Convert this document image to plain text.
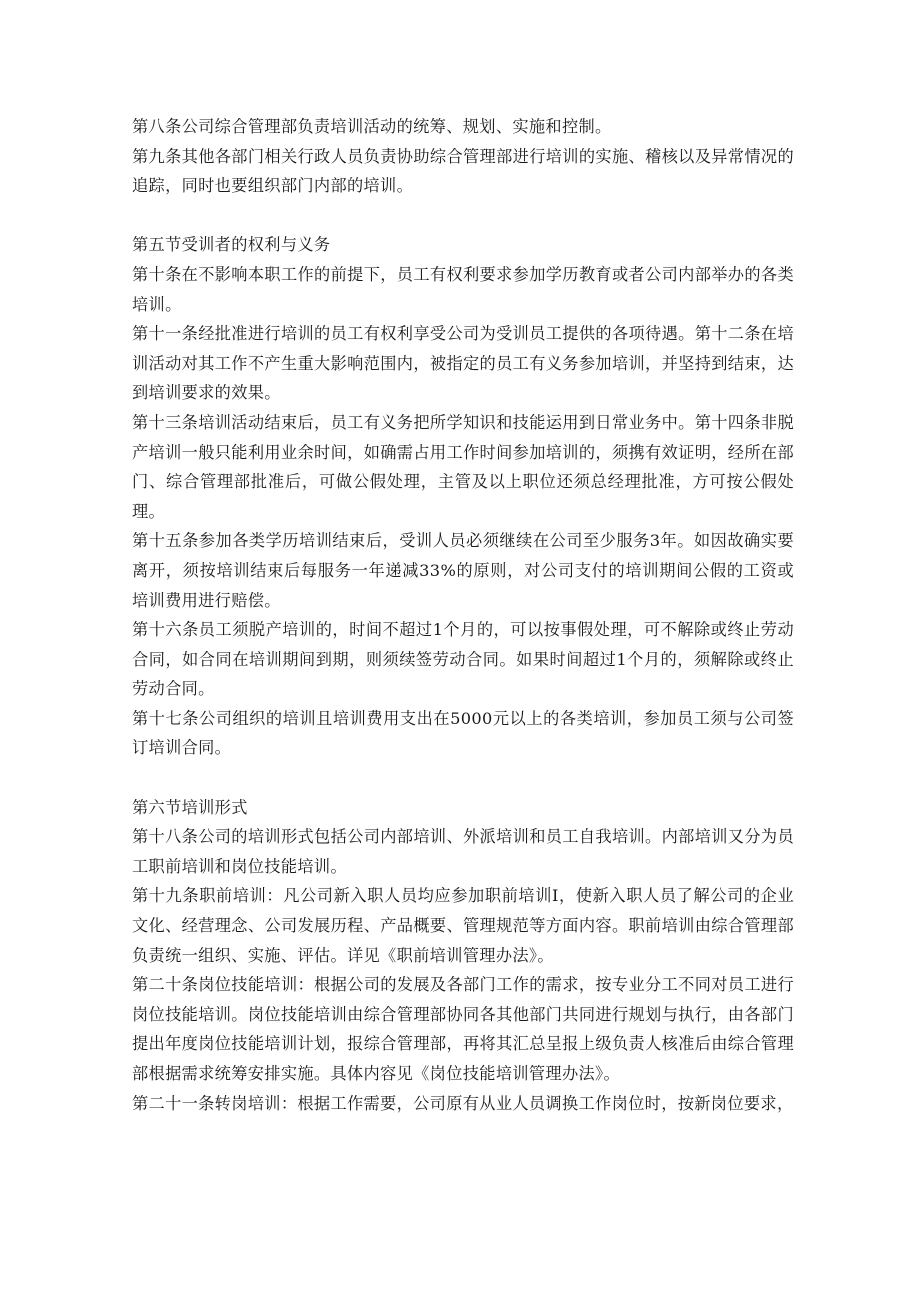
第八条公司综合管理部负责培训活动的统筹、规划、实施和控制。

第九条其他各部门相关行政人员负责协助综合管理部进行培训的实施、稽核以及异常情况的追踪，同时也要组织部门内部的培训。

第五节受训者的权利与义务

第十条在不影响本职工作的前提下，员工有权利要求参加学历教育或者公司内部举办的各类培训。

第十一条经批准进行培训的员工有权利享受公司为受训员工提供的各项待遇。第十二条在培训活动对其工作不产生重大影响范围内，被指定的员工有义务参加培训，并坚持到结束，达到培训要求的效果。

第十三条培训活动结束后，员工有义务把所学知识和技能运用到日常业务中。第十四条非脱产培训一般只能利用业余时间，如确需占用工作时间参加培训的，须携有效证明，经所在部门、综合管理部批准后，可做公假处理，主管及以上职位还须总经理批准，方可按公假处理。

第十五条参加各类学历培训结束后，受训人员必须继续在公司至少服务3年。如因故确实要离开，须按培训结束后每服务一年递减33%的原则，对公司支付的培训期间公假的工资或培训费用进行赔偿。

第十六条员工须脱产培训的，时间不超过1个月的，可以按事假处理，可不解除或终止劳动合同，如合同在培训期间到期，则须续签劳动合同。如果时间超过1个月的，须解除或终止劳动合同。

第十七条公司组织的培训且培训费用支出在5000元以上的各类培训，参加员工须与公司签订培训合同。

第六节培训形式

第十八条公司的培训形式包括公司内部培训、外派培训和员工自我培训。内部培训又分为员工职前培训和岗位技能培训。

第十九条职前培训：凡公司新入职人员均应参加职前培训I，使新入职人员了解公司的企业文化、经营理念、公司发展历程、产品概要、管理规范等方面内容。职前培训由综合管理部负责统一组织、实施、评估。详见《职前培训管理办法》。

第二十条岗位技能培训：根据公司的发展及各部门工作的需求，按专业分工不同对员工进行岗位技能培训。岗位技能培训由综合管理部协同各其他部门共同进行规划与执行，由各部门提出年度岗位技能培训计划，报综合管理部，再将其汇总呈报上级负责人核准后由综合管理部根据需求统筹安排实施。具体内容见《岗位技能培训管理办法》。

第二十一条转岗培训：根据工作需要，公司原有从业人员调换工作岗位时，按新岗位要求，
